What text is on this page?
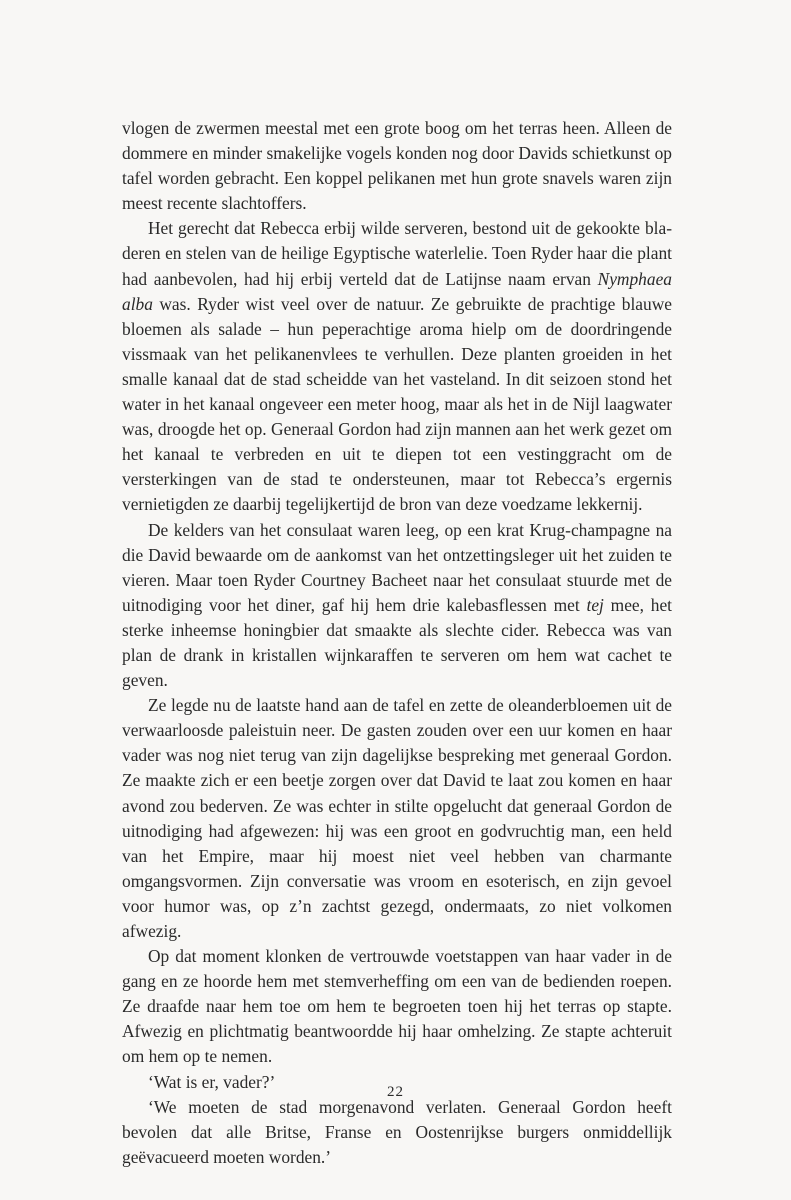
vlogen de zwermen meestal met een grote boog om het terras heen. Alleen de dommere en minder smakelijke vogels konden nog door Davids schietkunst op tafel worden gebracht. Een koppel pelikanen met hun grote snavels waren zijn meest recente slachtoffers.

Het gerecht dat Rebecca erbij wilde serveren, bestond uit de gekookte bladeren en stelen van de heilige Egyptische waterlelie. Toen Ryder haar die plant had aanbevolen, had hij erbij verteld dat de Latijnse naam ervan Nymphaea alba was. Ryder wist veel over de natuur. Ze gebruikte de prachtige blauwe bloemen als salade – hun peperachtige aroma hielp om de doordringende vissmaak van het pelikanenvlees te verhullen. Deze planten groeiden in het smalle kanaal dat de stad scheidde van het vasteland. In dit seizoen stond het water in het kanaal ongeveer een meter hoog, maar als het in de Nijl laagwater was, droogde het op. Generaal Gordon had zijn mannen aan het werk gezet om het kanaal te verbreden en uit te diepen tot een vestinggracht om de versterkingen van de stad te ondersteunen, maar tot Rebecca’s ergernis vernietigden ze daarbij tegelijkertijd de bron van deze voedzame lekkernij.

De kelders van het consulaat waren leeg, op een krat Krug-champagne na die David bewaarde om de aankomst van het ontzettingsleger uit het zuiden te vieren. Maar toen Ryder Courtney Bacheet naar het consulaat stuurde met de uitnodiging voor het diner, gaf hij hem drie kalebasflessen met tej mee, het sterke inheemse honingbier dat smaakte als slechte cider. Rebecca was van plan de drank in kristallen wijnkaraffen te serveren om hem wat cachet te geven.

Ze legde nu de laatste hand aan de tafel en zette de oleanderbloemen uit de verwaarloosde paleistuin neer. De gasten zouden over een uur komen en haar vader was nog niet terug van zijn dagelijkse bespreking met generaal Gordon. Ze maakte zich er een beetje zorgen over dat David te laat zou komen en haar avond zou bederven. Ze was echter in stilte opgelucht dat generaal Gordon de uitnodiging had afgewezen: hij was een groot en godvruchtig man, een held van het Empire, maar hij moest niet veel hebben van charmante omgangsvormen. Zijn conversatie was vroom en esoterisch, en zijn gevoel voor humor was, op z’n zachtst gezegd, ondermaats, zo niet volkomen afwezig.

Op dat moment klonken de vertrouwde voetstappen van haar vader in de gang en ze hoorde hem met stemverheffing om een van de bedienden roepen. Ze draafde naar hem toe om hem te begroeten toen hij het terras op stapte. Afwezig en plichtmatig beantwoordde hij haar omhelzing. Ze stapte achteruit om hem op te nemen.

‘Wat is er, vader?’

‘We moeten de stad morgenavond verlaten. Generaal Gordon heeft bevolen dat alle Britse, Franse en Oostenrijkse burgers onmiddellijk geëvacueerd moeten worden.’

22
